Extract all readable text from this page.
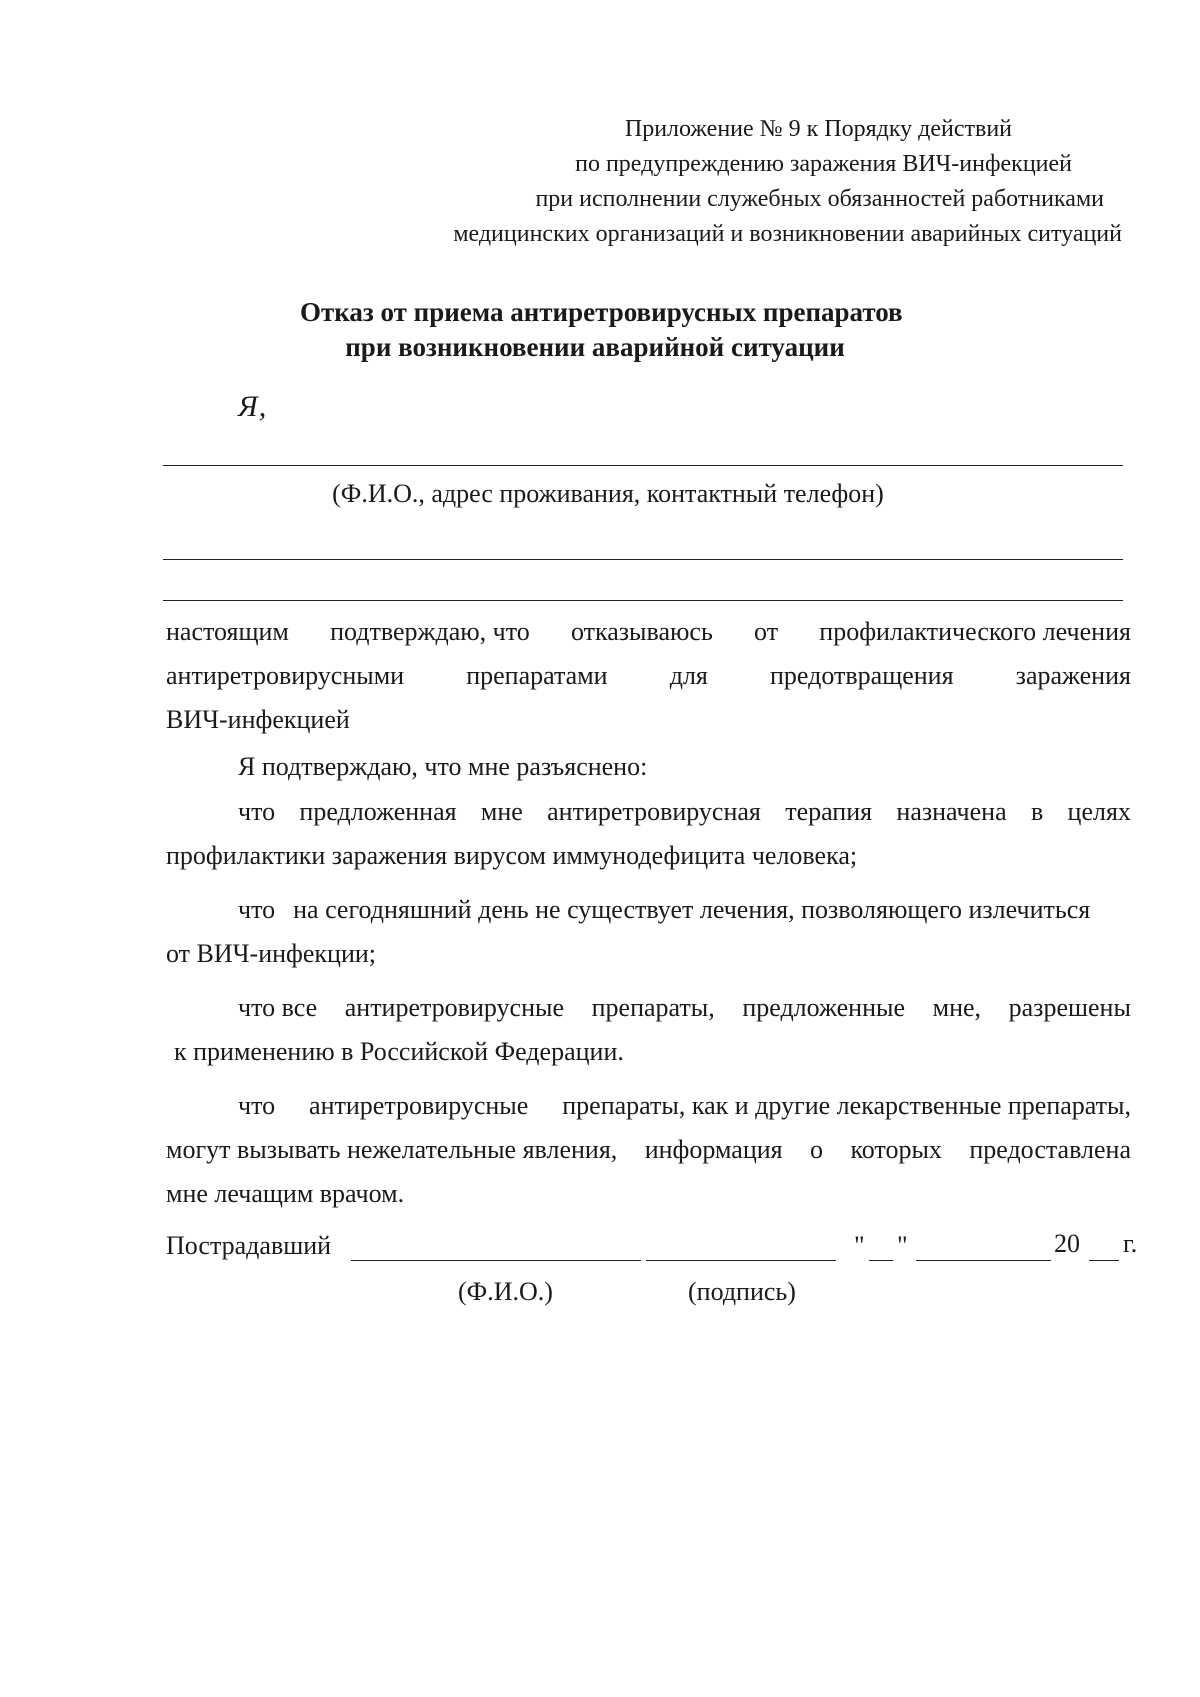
Приложение № 9 к Порядку действий
по предупреждению заражения ВИЧ-инфекцией
при исполнении служебных обязанностей работниками
медицинских организаций и возникновении аварийных ситуаций
Отказ от приема антиретровирусных препаратов
при возникновении аварийной ситуации
Я,
(Ф.И.О., адрес проживания, контактный телефон)
настоящим подтверждаю, что отказываюсь от профилактического лечения
антиретровирусными препаратами для предотвращения заражения
ВИЧ-инфекцией
Я подтверждаю, что мне разъяснено:
что предложенная мне антиретровирусная терапия назначена в целях
профилактики заражения вирусом иммунодефицита человека;
что на сегодняшний день не существует лечения, позволяющего излечиться
от ВИЧ-инфекции;
что все антиретровирусные препараты, предложенные мне, разрешены
к применению в Российской Федерации.
что антиретровирусные препараты, как и другие лекарственные препараты,
могут вызывать нежелательные явления, информация о которых предоставлена
мне лечащим врачом.
Пострадавший	" "	20 г.
(Ф.И.О.)	(подпись)
